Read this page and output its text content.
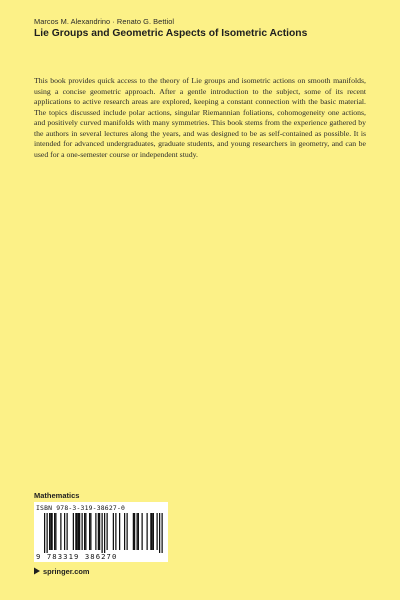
Marcos M. Alexandrino · Renato G. Bettiol
Lie Groups and Geometric Aspects of Isometric Actions

This book provides quick access to the theory of Lie groups and isometric actions on smooth manifolds, using a concise geometric approach. After a gentle introduction to the subject, some of its recent applications to active research areas are explored, keeping a constant connection with the basic material. The topics discussed include polar actions, singular Riemannian foliations, cohomogeneity one actions, and positively curved manifolds with many symmetries. This book stems from the experience gathered by the authors in several lectures along the years, and was designed to be as self-contained as possible. It is intended for advanced undergraduates, graduate students, and young researchers in geometry, and can be used for a one-semester course or independent study.

Mathematics
ISBN 978-3-319-38627-0
9 783319 386270
springer.com
